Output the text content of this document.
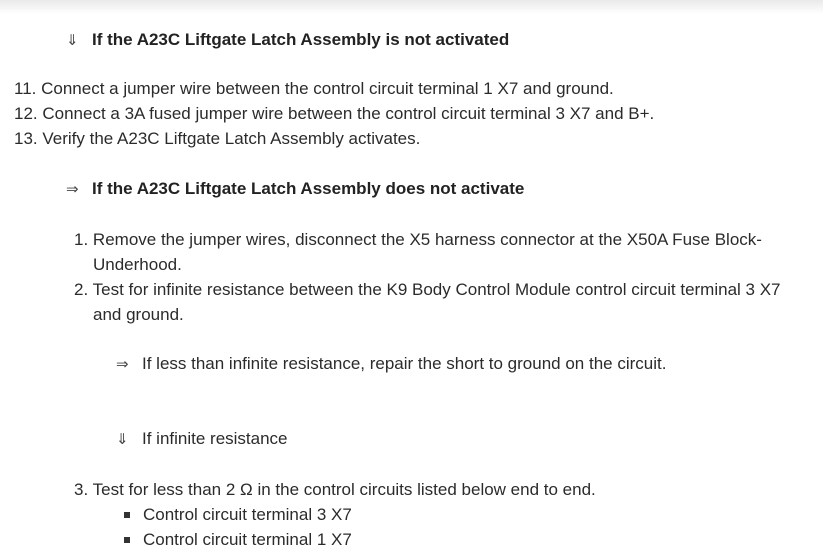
⇓ If the A23C Liftgate Latch Assembly is not activated
11. Connect a jumper wire between the control circuit terminal 1 X7 and ground.
12. Connect a 3A fused jumper wire between the control circuit terminal 3 X7 and B+.
13. Verify the A23C Liftgate Latch Assembly activates.
⇒ If the A23C Liftgate Latch Assembly does not activate
1. Remove the jumper wires, disconnect the X5 harness connector at the X50A Fuse Block-
Underhood.
2. Test for infinite resistance between the K9 Body Control Module control circuit terminal 3 X7
and ground.
⇒ If less than infinite resistance, repair the short to ground on the circuit.
⇓ If infinite resistance
3. Test for less than 2 Ω in the control circuits listed below end to end.
Control circuit terminal 3 X7
Control circuit terminal 1 X7
